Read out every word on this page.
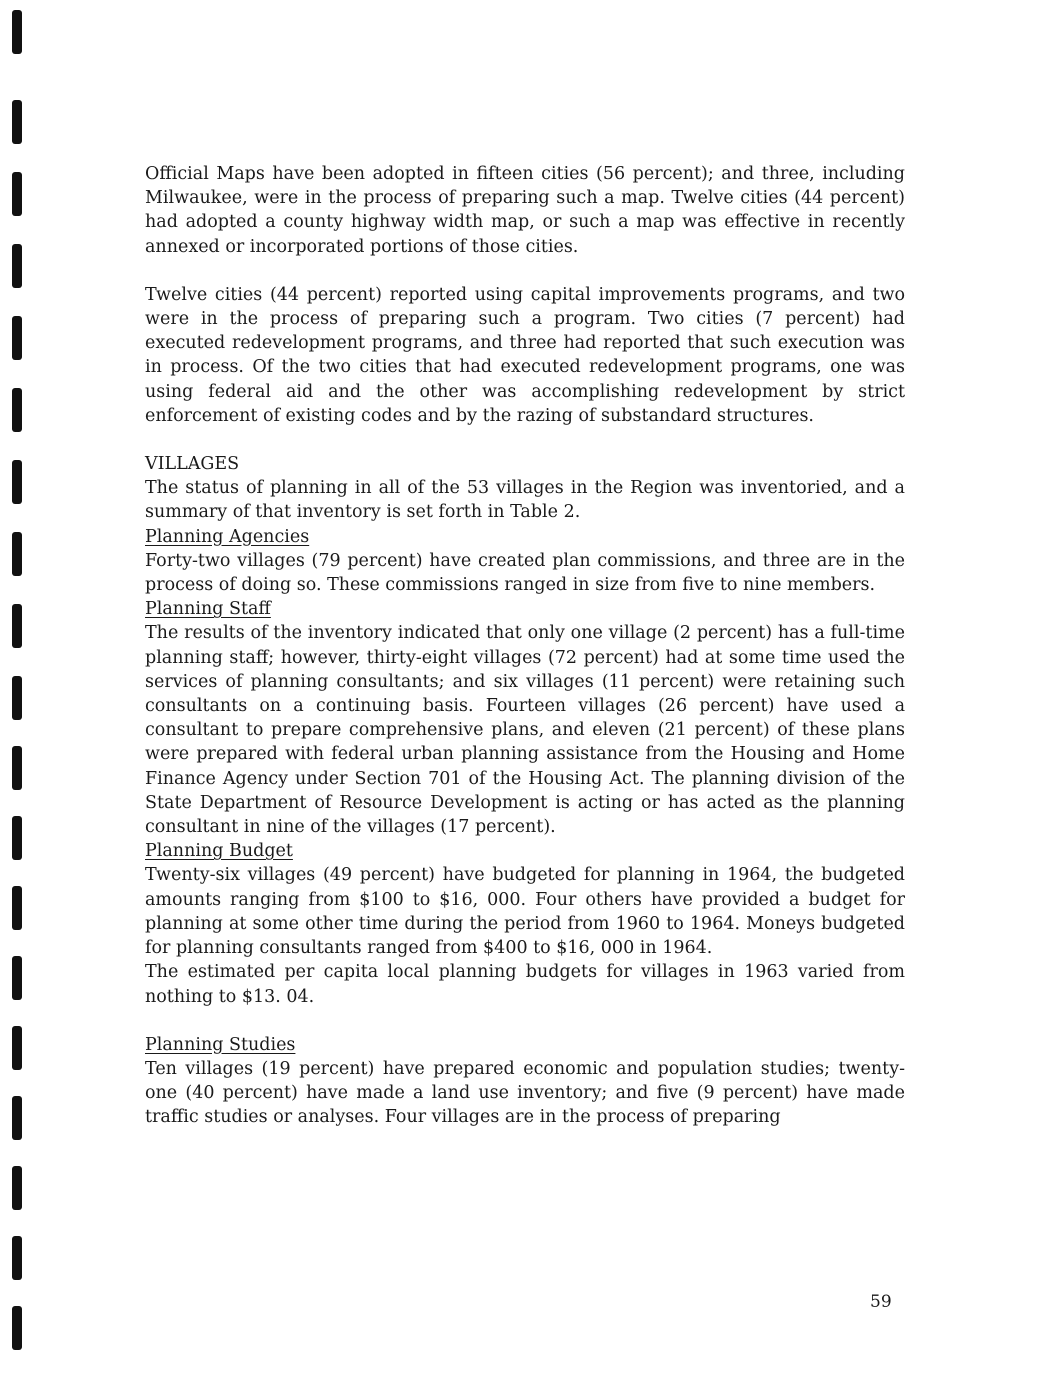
Official Maps have been adopted in fifteen cities (56 percent); and three, including Milwaukee, were in the process of preparing such a map. Twelve cities (44 percent) had adopted a county highway width map, or such a map was effective in recently annexed or incorporated portions of those cities.

Twelve cities (44 percent) reported using capital improvements programs, and two were in the process of preparing such a program. Two cities (7 percent) had executed redevelopment programs, and three had reported that such execution was in process. Of the two cities that had executed redevelopment programs, one was using federal aid and the other was accomplishing redevelopment by strict enforcement of existing codes and by the razing of substandard structures.

VILLAGES
The status of planning in all of the 53 villages in the Region was inventoried, and a summary of that inventory is set forth in Table 2.
Planning Agencies
Forty-two villages (79 percent) have created plan commissions, and three are in the process of doing so. These commissions ranged in size from five to nine members.
Planning Staff
The results of the inventory indicated that only one village (2 percent) has a full-time planning staff; however, thirty-eight villages (72 percent) had at some time used the services of planning consultants; and six villages (11 percent) were retaining such consultants on a continuing basis. Fourteen villages (26 percent) have used a consultant to prepare comprehensive plans, and eleven (21 percent) of these plans were prepared with federal urban planning assistance from the Housing and Home Finance Agency under Section 701 of the Housing Act. The planning division of the State Department of Resource Development is acting or has acted as the planning consultant in nine of the villages (17 percent).
Planning Budget
Twenty-six villages (49 percent) have budgeted for planning in 1964, the budgeted amounts ranging from $100 to $16, 000. Four others have provided a budget for planning at some other time during the period from 1960 to 1964. Moneys budgeted for planning consultants ranged from $400 to $16, 000 in 1964.

The estimated per capita local planning budgets for villages in 1963 varied from nothing to $13. 04.

Planning Studies
Ten villages (19 percent) have prepared economic and population studies; twenty-one (40 percent) have made a land use inventory; and five (9 percent) have made traffic studies or analyses. Four villages are in the process of preparing
59
